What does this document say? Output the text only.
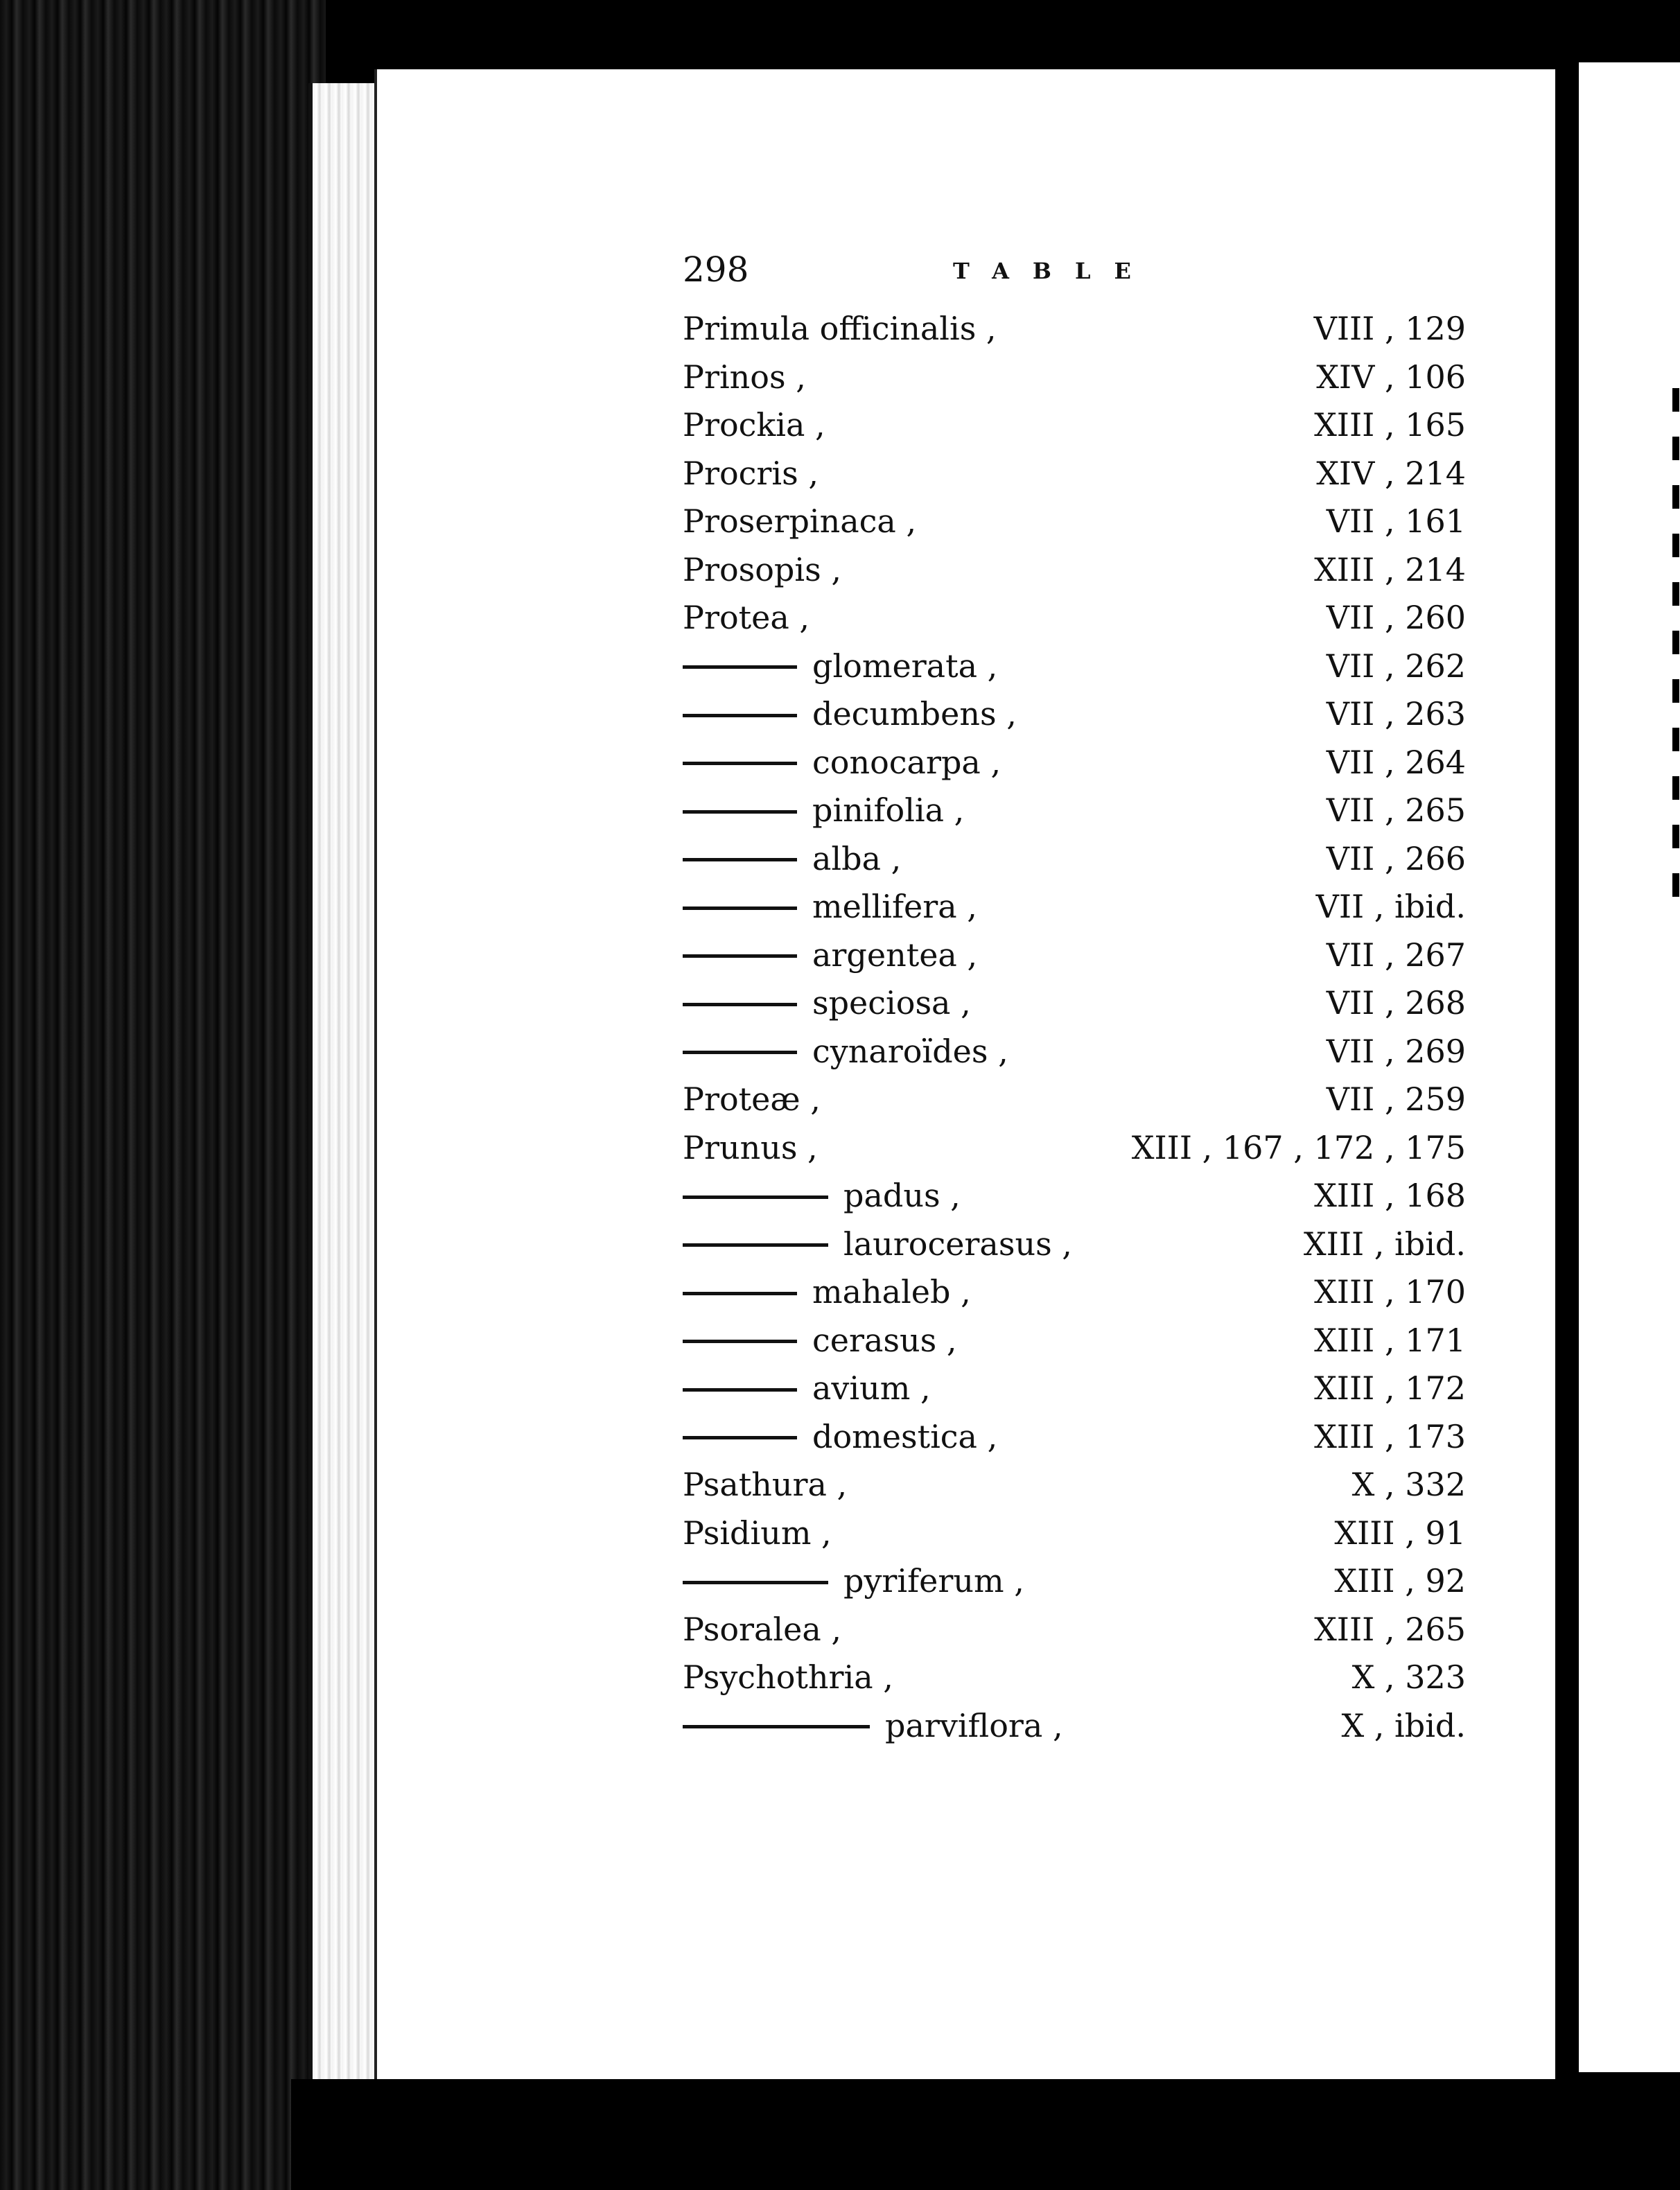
298	TABLE
Primula officinalis ,	VIII , 129
Prinos ,	XIV , 106
Prockia ,	XIII , 165
Procris ,	XIV , 214
Proserpinaca ,	VII , 161
Prosopis ,	XIII , 214
Protea ,	VII , 260
glomerata ,	VII , 262
decumbens ,	VII , 263
conocarpa ,	VII , 264
pinifolia ,	VII , 265
alba ,	VII , 266
mellifera ,	VII , ibid.
argentea ,	VII , 267
speciosa ,	VII , 268
cynaroïdes ,	VII , 269
Proteæ ,	VII , 259
Prunus ,	XIII , 167 , 172 , 175
padus ,	XIII , 168
laurocerasus ,	XIII , ibid.
mahaleb ,	XIII , 170
cerasus ,	XIII , 171
avium ,	XIII , 172
domestica ,	XIII , 173
Psathura ,	X , 332
Psidium ,	XIII , 91
pyriferum ,	XIII , 92
Psoralea ,	XIII , 265
Psychothria ,	X , 323
parviflora ,	X , ibid.
